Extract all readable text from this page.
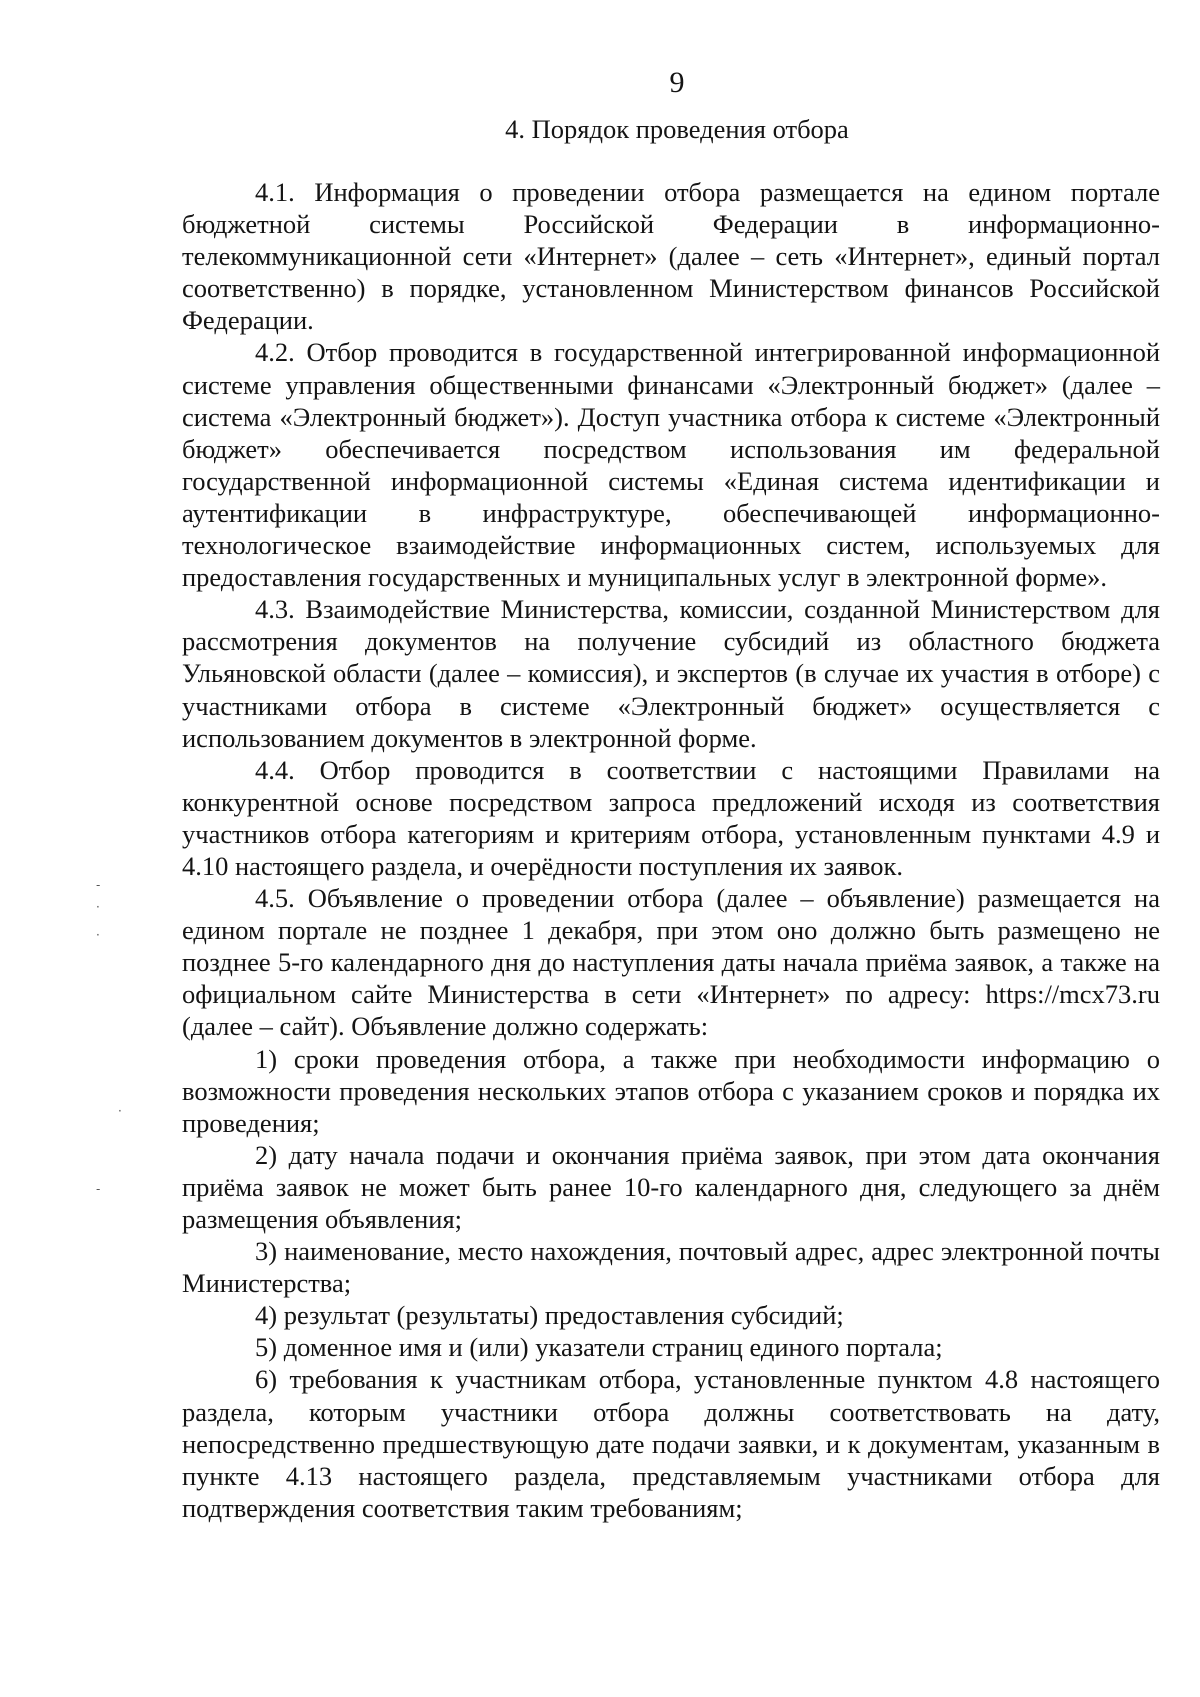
9
4. Порядок проведения отбора

4.1. Информация о проведении отбора размещается на едином портале бюджетной системы Российской Федерации в информационно-телекоммуникационной сети «Интернет» (далее – сеть «Интернет», единый портал соответственно) в порядке, установленном Министерством финансов Российской Федерации.

4.2. Отбор проводится в государственной интегрированной информационной системе управления общественными финансами «Электронный бюджет» (далее – система «Электронный бюджет»). Доступ участника отбора к системе «Электронный бюджет» обеспечивается посредством использования им федеральной государственной информационной системы «Единая система идентификации и аутентификации в инфраструктуре, обеспечивающей информационно-технологическое взаимодействие информационных систем, используемых для предоставления государственных и муниципальных услуг в электронной форме».

4.3. Взаимодействие Министерства, комиссии, созданной Министерством для рассмотрения документов на получение субсидий из областного бюджета Ульяновской области (далее – комиссия), и экспертов (в случае их участия в отборе) с участниками отбора в системе «Электронный бюджет» осуществляется с использованием документов в электронной форме.

4.4. Отбор проводится в соответствии с настоящими Правилами на конкурентной основе посредством запроса предложений исходя из соответствия участников отбора категориям и критериям отбора, установленным пунктами 4.9 и 4.10 настоящего раздела, и очерёдности поступления их заявок.

4.5. Объявление о проведении отбора (далее – объявление) размещается на едином портале не позднее 1 декабря, при этом оно должно быть размещено не позднее 5-го календарного дня до наступления даты начала приёма заявок, а также на официальном сайте Министерства в сети «Интернет» по адресу: https://mcx73.ru (далее – сайт). Объявление должно содержать:

1) сроки проведения отбора, а также при необходимости информацию о возможности проведения нескольких этапов отбора с указанием сроков и порядка их проведения;

2) дату начала подачи и окончания приёма заявок, при этом дата окончания приёма заявок не может быть ранее 10-го календарного дня, следующего за днём размещения объявления;

3) наименование, место нахождения, почтовый адрес, адрес электронной почты Министерства;

4) результат (результаты) предоставления субсидий;

5) доменное имя и (или) указатели страниц единого портала;

6) требования к участникам отбора, установленные пунктом 4.8 настоящего раздела, которым участники отбора должны соответствовать на дату, непосредственно предшествующую дате подачи заявки, и к документам, указанным в пункте 4.13 настоящего раздела, представляемым участниками отбора для подтверждения соответствия таким требованиям;

-
·
·
·
-
